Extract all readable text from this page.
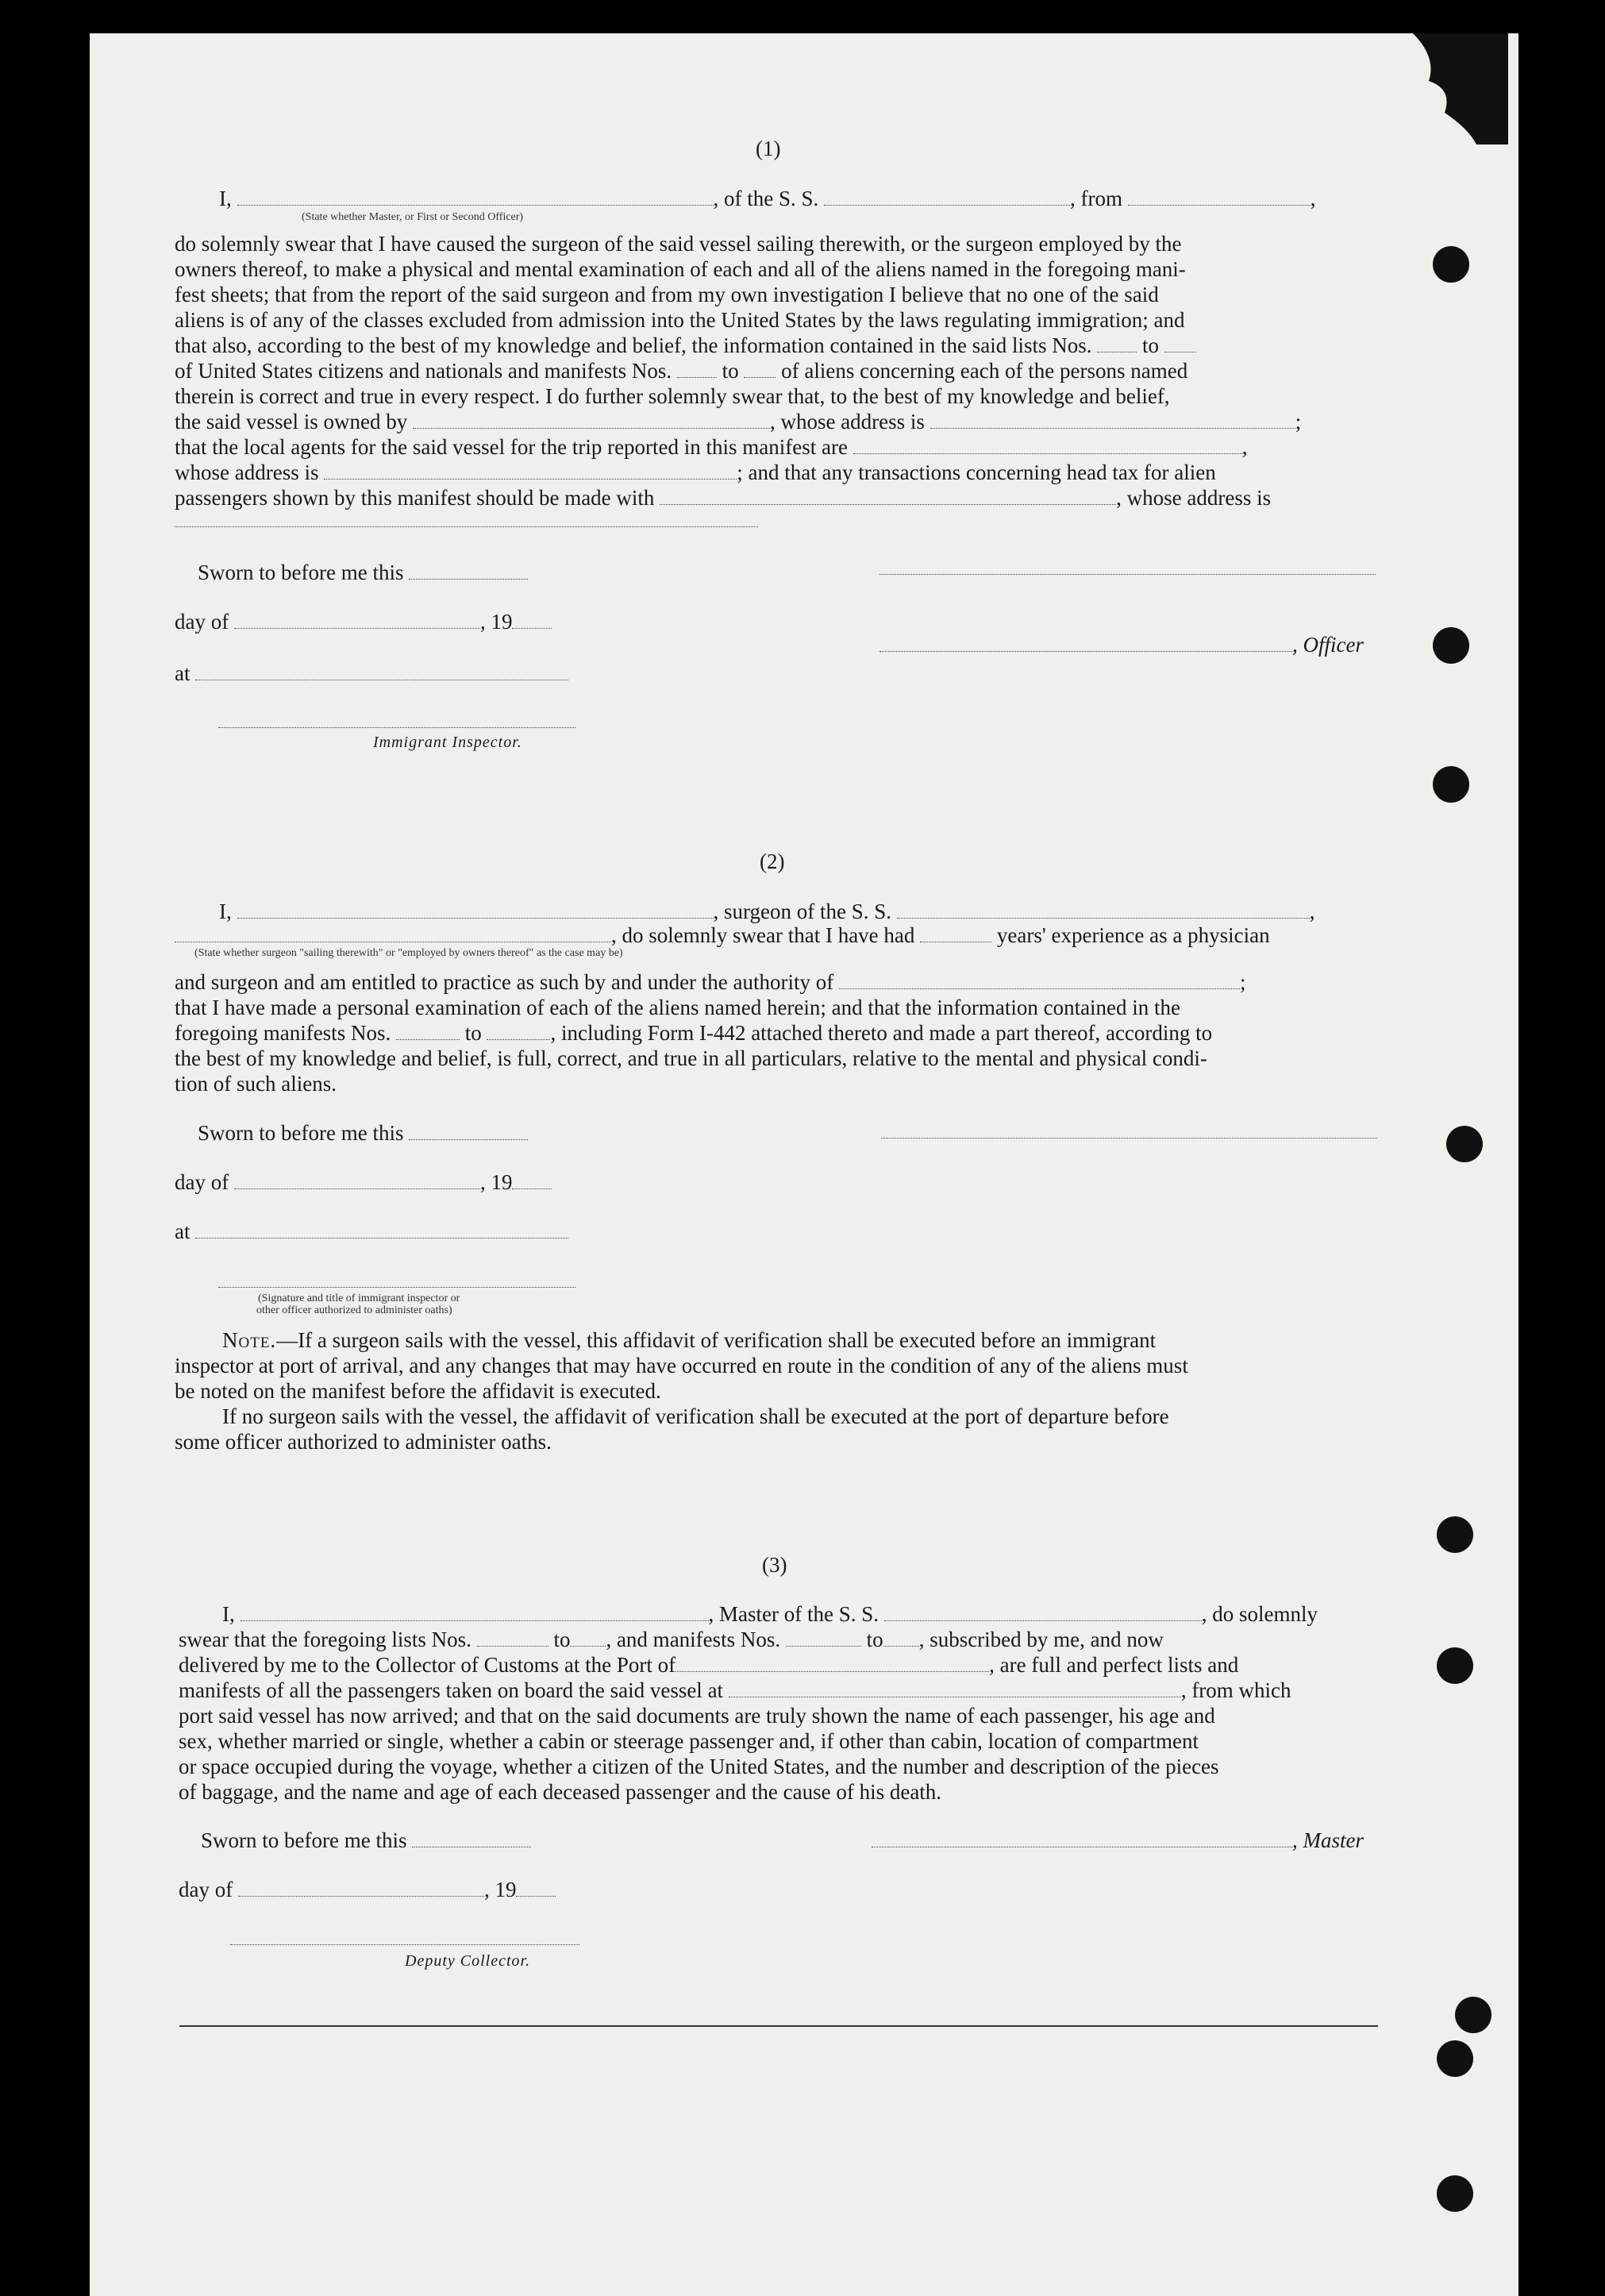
(1)
I,	, of the S. S.	, from	,
(State whether Master, or First or Second Officer)
do solemnly swear that I have caused the surgeon of the said vessel sailing therewith, or the surgeon employed by the
owners thereof, to make a physical and mental examination of each and all of the aliens named in the foregoing mani-
fest sheets; that from the report of the said surgeon and from my own investigation I believe that no one of the said
aliens is of any of the classes excluded from admission into the United States by the laws regulating immigration; and
that also, according to the best of my knowledge and belief, the information contained in the said lists Nos. to
of United States citizens and nationals and manifests Nos. to of aliens concerning each of the persons named
therein is correct and true in every respect. I do further solemnly swear that, to the best of my knowledge and belief,
the said vessel is owned by	, whose address is	;
that the local agents for the said vessel for the trip reported in this manifest are	,
whose address is	; and that any transactions concerning head tax for alien
passengers shown by this manifest should be made with	, whose address is
Sworn to before me this
day of	, 19
, Officer
at
Immigrant Inspector.
(2)
I,	, surgeon of the S. S.	,
, do solemnly swear that I have had	years' experience as a physician
(State whether surgeon "sailing therewith" or "employed by owners thereof" as the case may be)
and surgeon and am entitled to practice as such by and under the authority of	;
that I have made a personal examination of each of the aliens named herein; and that the information contained in the
foregoing manifests Nos.	to	, including Form I-442 attached thereto and made a part thereof, according to
the best of my knowledge and belief, is full, correct, and true in all particulars, relative to the mental and physical condi-
tion of such aliens.
Sworn to before me this
day of	, 19
at
(Signature and title of immigrant inspector or
other officer authorized to administer oaths)
Note.—If a surgeon sails with the vessel, this affidavit of verification shall be executed before an immigrant
inspector at port of arrival, and any changes that may have occurred en route in the condition of any of the aliens must
be noted on the manifest before the affidavit is executed.
If no surgeon sails with the vessel, the affidavit of verification shall be executed at the port of departure before
some officer authorized to administer oaths.
(3)
I,	, Master of the S. S.	, do solemnly
swear that the foregoing lists Nos.	to , and manifests Nos.	to , subscribed by me, and now
delivered by me to the Collector of Customs at the Port of	, are full and perfect lists and
manifests of all the passengers taken on board the said vessel at	, from which
port said vessel has now arrived; and that on the said documents are truly shown the name of each passenger, his age and
sex, whether married or single, whether a cabin or steerage passenger and, if other than cabin, location of compartment
or space occupied during the voyage, whether a citizen of the United States, and the number and description of the pieces
of baggage, and the name and age of each deceased passenger and the cause of his death.
Sworn to before me this	, Master
day of	, 19
Deputy Collector.
